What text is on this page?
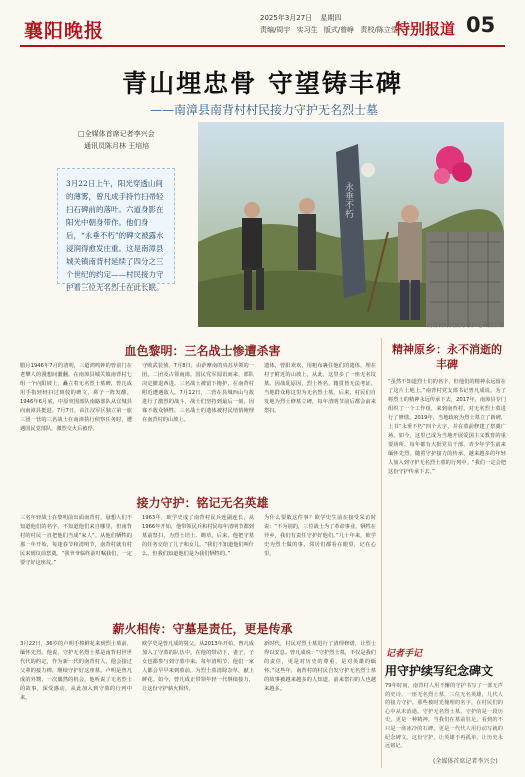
襄阳晚报
2025年3月27日 星期四
责编/周宇 实习生 版式/曾峥 责校/陈立堂
特别报道 05
青山埋忠骨 守望铸丰碑
——南漳县南背村村民接力守护无名烈士墓
□全媒体首席记者李兴会
通讯员陈月林 王培培
3月22日上午，阳光穿透山间的薄雾，曾凡成手持竹扫帚轻扫石碑前的落叶。六道身影在阳光中朝身带作。他们身后，“永垂不朽”的碑文被露水浸润得愈发庄重。这是南漳县城关镇南背村延续了四分之三个世纪的约定——村民接力守护着三位无名烈士在此长眠。
永垂不朽
南背村村民接力守护无名烈士墓
血色黎明：三名战士惨遭杀害
腊月1946年7月的清明，三道鸿鸣钟的曾前门在老攀人的漫想间噩翻。在南漳县城关镇南背村七组一个向阳坡上，矗立着无名烈士墓碑，曾凡成用手指轻轻扫过斑驳的碑文，鼻子一阵发酸。1946年6月底，中原突围部队南路部队从宜城县向南漳县挺进。7月7日，由江汉军区独立第一旅三团一营的三名战士在南漳执行侦察任务时，遭遇国民党部队，激烈交火后被俘。
守败武装侦。7月8日，由萨摩南的央苏草领的一团，二团及占领南漳。国民党军闻讯而来，部队决定撤退西进。三名战士被留下掩护，在南背村附近遭遇敌人。7月12日，二营在县城西山与敌进行了激烈的战斗，战士们坚持到最后一刻，因寡不敌众牺牲。三名战士的遗体被村民悄悄掩埋在南背村的山坡上。
遗体，曾阳欢欢，用粗布裹住他们的遗体，埋在村子附近的山坡上，从此，这里多了一座无名坟墓。因战乱原因，烈士姓名、籍贯皆无法考证。当地群众称这里为无名烈士墓。后来，村民们自发地为烈士修墓立碑，每年清明节前后都会前来祭扫。
接力守护：铭记无名英雄
三名年轻战士在黎明前出面南背村，悬想人们不知道他们的名字，不知道他们来自哪里，但南背村的村民一直把他们当成“家人”。从他们牺牲的那一年开始，每逢春节和清明节，南背村就有村民来到坟前祭奠。“我爷爷临终前叮嘱我们，一定要守好这座坟。”
1963年，欧学史成了南背村民兵连副连长，从1966年开始，他带领民兵和村民每年清明节都到墓前祭扫，为烈士培土、锄草。后来，他把守墓的任务交给了儿子和女儿。“我们不知道他们叫什么，但我们知道他们是为我们牺牲的。”
为什么要敬这件事？欧学史生前在接受采访时说：“不为别的，三位战士为了革命事业，牺牲在异乡，我们有责任守护好他们。”几十年来，欧学史为烈士做的事，邻居们都看在眼里，记在心里。
精神原乡：永不消逝的丰碑
“虽然不知道烈士们的名字，但他们的精神永远留在了这片土地上。”南背村党支部书记曾凡成说。为了将烈士的精神永远传承下去，2017年，南漳县专门组织了一个工作组，来到南背村，对无名烈士墓进行了修缮。2019年，当地政府为烈士墓立了新碑，上书“永垂不朽”四个大字，并在墓前修建了祭奠广场。如今，这里已成为当地开展爱国主义教育的重要场所，每年都有大批党员干部、青少年学生前来缅怀先烈。随着守护接力的传承，越来越多的年轻人加入到守护无名烈士墓的行列中。“我们一定会把这份守护传承下去。”
薪火相传：守墓是责任，更是传承
3月22日，36岁的卢明手捧鲜花来到烈士墓前，缅怀先烈。他说，守护无名烈士墓是南背村世世代代的约定，作为新一代的南背村人，他会接过父辈的接力棒，继续守护好这座墓。卢明是曾凡成的外甥，一次偶然的机会，他听说了无名烈士的故事，深受感动，从此加入到守墓的行列中来。
欧学史是曾凡成的舅父。从2013年开始，曾凡成加入了守墓的队伍中。在他的带动下，妻子、子女也都参与到守墓中来。每年清明节，他们一家人都会早早来到墓前，为烈士墓清除杂草，献上鲜花。如今，曾凡成正带领年轻一代继续接力，让这份守护薪火相传。
新时代，村民对烈士墓进行了清理修缮，让烈士得以安息。曾凡成说：“守护烈士墓，不仅是我们的责任，更是对历史的尊重，是对英雄的缅怀。”这些年，南背村的村民自发守护无名烈士墓的故事被越来越多的人知道，前来祭扫的人也越来越多。
记者手记
用守护续写纪念碑文
79年时间，南背村人用不懈的守护书写了一部无声的史诗。一座无名烈士墓，三位无名英雄，几代人的接力守护。那些被时光掩埋的名字，在村民们的心中从未消逝。守护无名烈士墓，守护的是一段历史，更是一种精神。当我们在墓前驻足，看到的不只是一座冰冷的石碑，更是一代代人用行动写就的纪念碑文。这份守护，让英雄不再孤单，让历史永远铭记。
(全媒体首席记者李兴会)
